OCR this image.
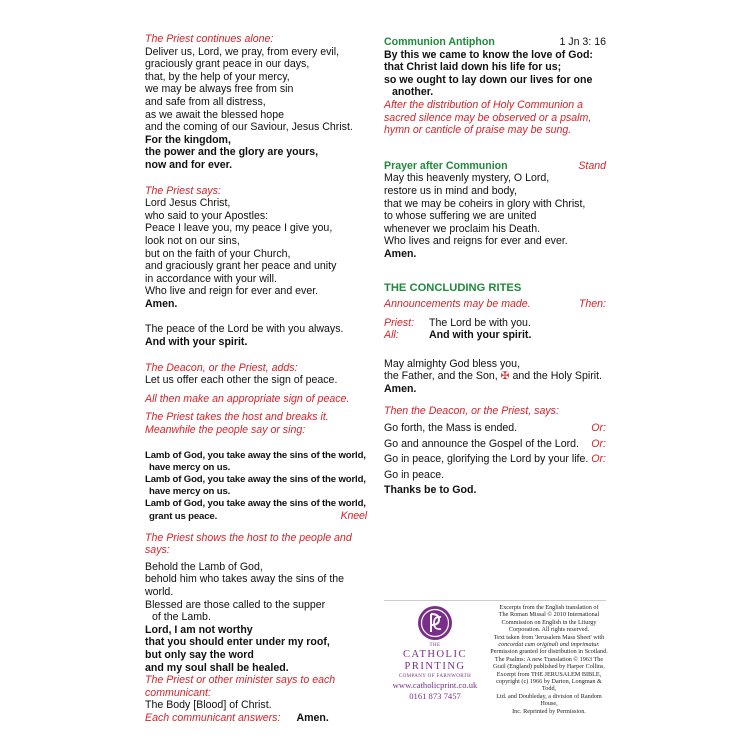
The Priest continues alone:

Deliver us, Lord, we pray, from every evil,

graciously grant peace in our days,

that, by the help of your mercy,

we may be always free from sin

and safe from all distress,

as we await the blessed hope

and the coming of our Saviour, Jesus Christ.

For the kingdom,

the power and the glory are yours,

now and for ever.

The Priest says:

Lord Jesus Christ,

who said to your Apostles:

Peace I leave you, my peace I give you,

look not on our sins,

but on the faith of your Church,

and graciously grant her peace and unity

in accordance with your will.

Who live and reign for ever and ever.

Amen.

The peace of the Lord be with you always.

And with your spirit.

The Deacon, or the Priest, adds:

Let us offer each other the sign of peace.

All then make an appropriate sign of peace.

The Priest takes the host and breaks it.

Meanwhile the people say or sing:

Lamb of God, you take away the sins of the world,

have mercy on us.

Lamb of God, you take away the sins of the world,

have mercy on us.

Lamb of God, you take away the sins of the world,

grant us peace.	Kneel

The Priest shows the host to the people and says:

Behold the Lamb of God,

behold him who takes away the sins of the world.

Blessed are those called to the supper

of the Lamb.

Lord, I am not worthy

that you should enter under my roof,

but only say the word

and my soul shall be healed.

The Priest or other minister says to each

communicant:

The Body [Blood] of Christ.

Each communicant answers: Amen.

Communion Antiphon	1 Jn 3: 16

By this we came to know the love of God:

that Christ laid down his life for us;

so we ought to lay down our lives for one

another.

After the distribution of Holy Communion a

sacred silence may be observed or a psalm,

hymn or canticle of praise may be sung.

Prayer after Communion	Stand

May this heavenly mystery, O Lord,

restore us in mind and body,

that we may be coheirs in glory with Christ,

to whose suffering we are united

whenever we proclaim his Death.

Who lives and reigns for ever and ever.

Amen.

THE CONCLUDING RITES

Announcements may be made.	Then:

Priest: The Lord be with you.

All:	And with your spirit.

May almighty God bless you,

the Father, and the Son, ✠ and the Holy Spirit.

Amen.

Then the Deacon, or the Priest, says:

Go forth, the Mass is ended.	Or:

Go and announce the Gospel of the Lord. Or:

Go in peace, glorifying the Lord by your life. Or:

Go in peace.

Thanks be to God.

THE
CATHOLIC
PRINTING
COMPANY OF FARNWORTH
www.catholicprint.co.uk
0161 873 7457
Excerpts from the English translation of
The Roman Missal © 2010 International
Commission on English in the Liturgy
Corporation. All rights reserved.
Text taken from 'Jerusalem Mass Sheet' with
concordat cum originali and imprimatur.
Permission granted for distribution in Scotland.
The Psalms: A new Translation © 1963 The
Grail (England) published by Harper Collins.
Excerpt from THE JERUSALEM BIBLE,
copyright (c) 1966 by Darton, Longman & Todd,
Ltd. and Doubleday, a division of Random House,
Inc. Reprinted by Permission.
